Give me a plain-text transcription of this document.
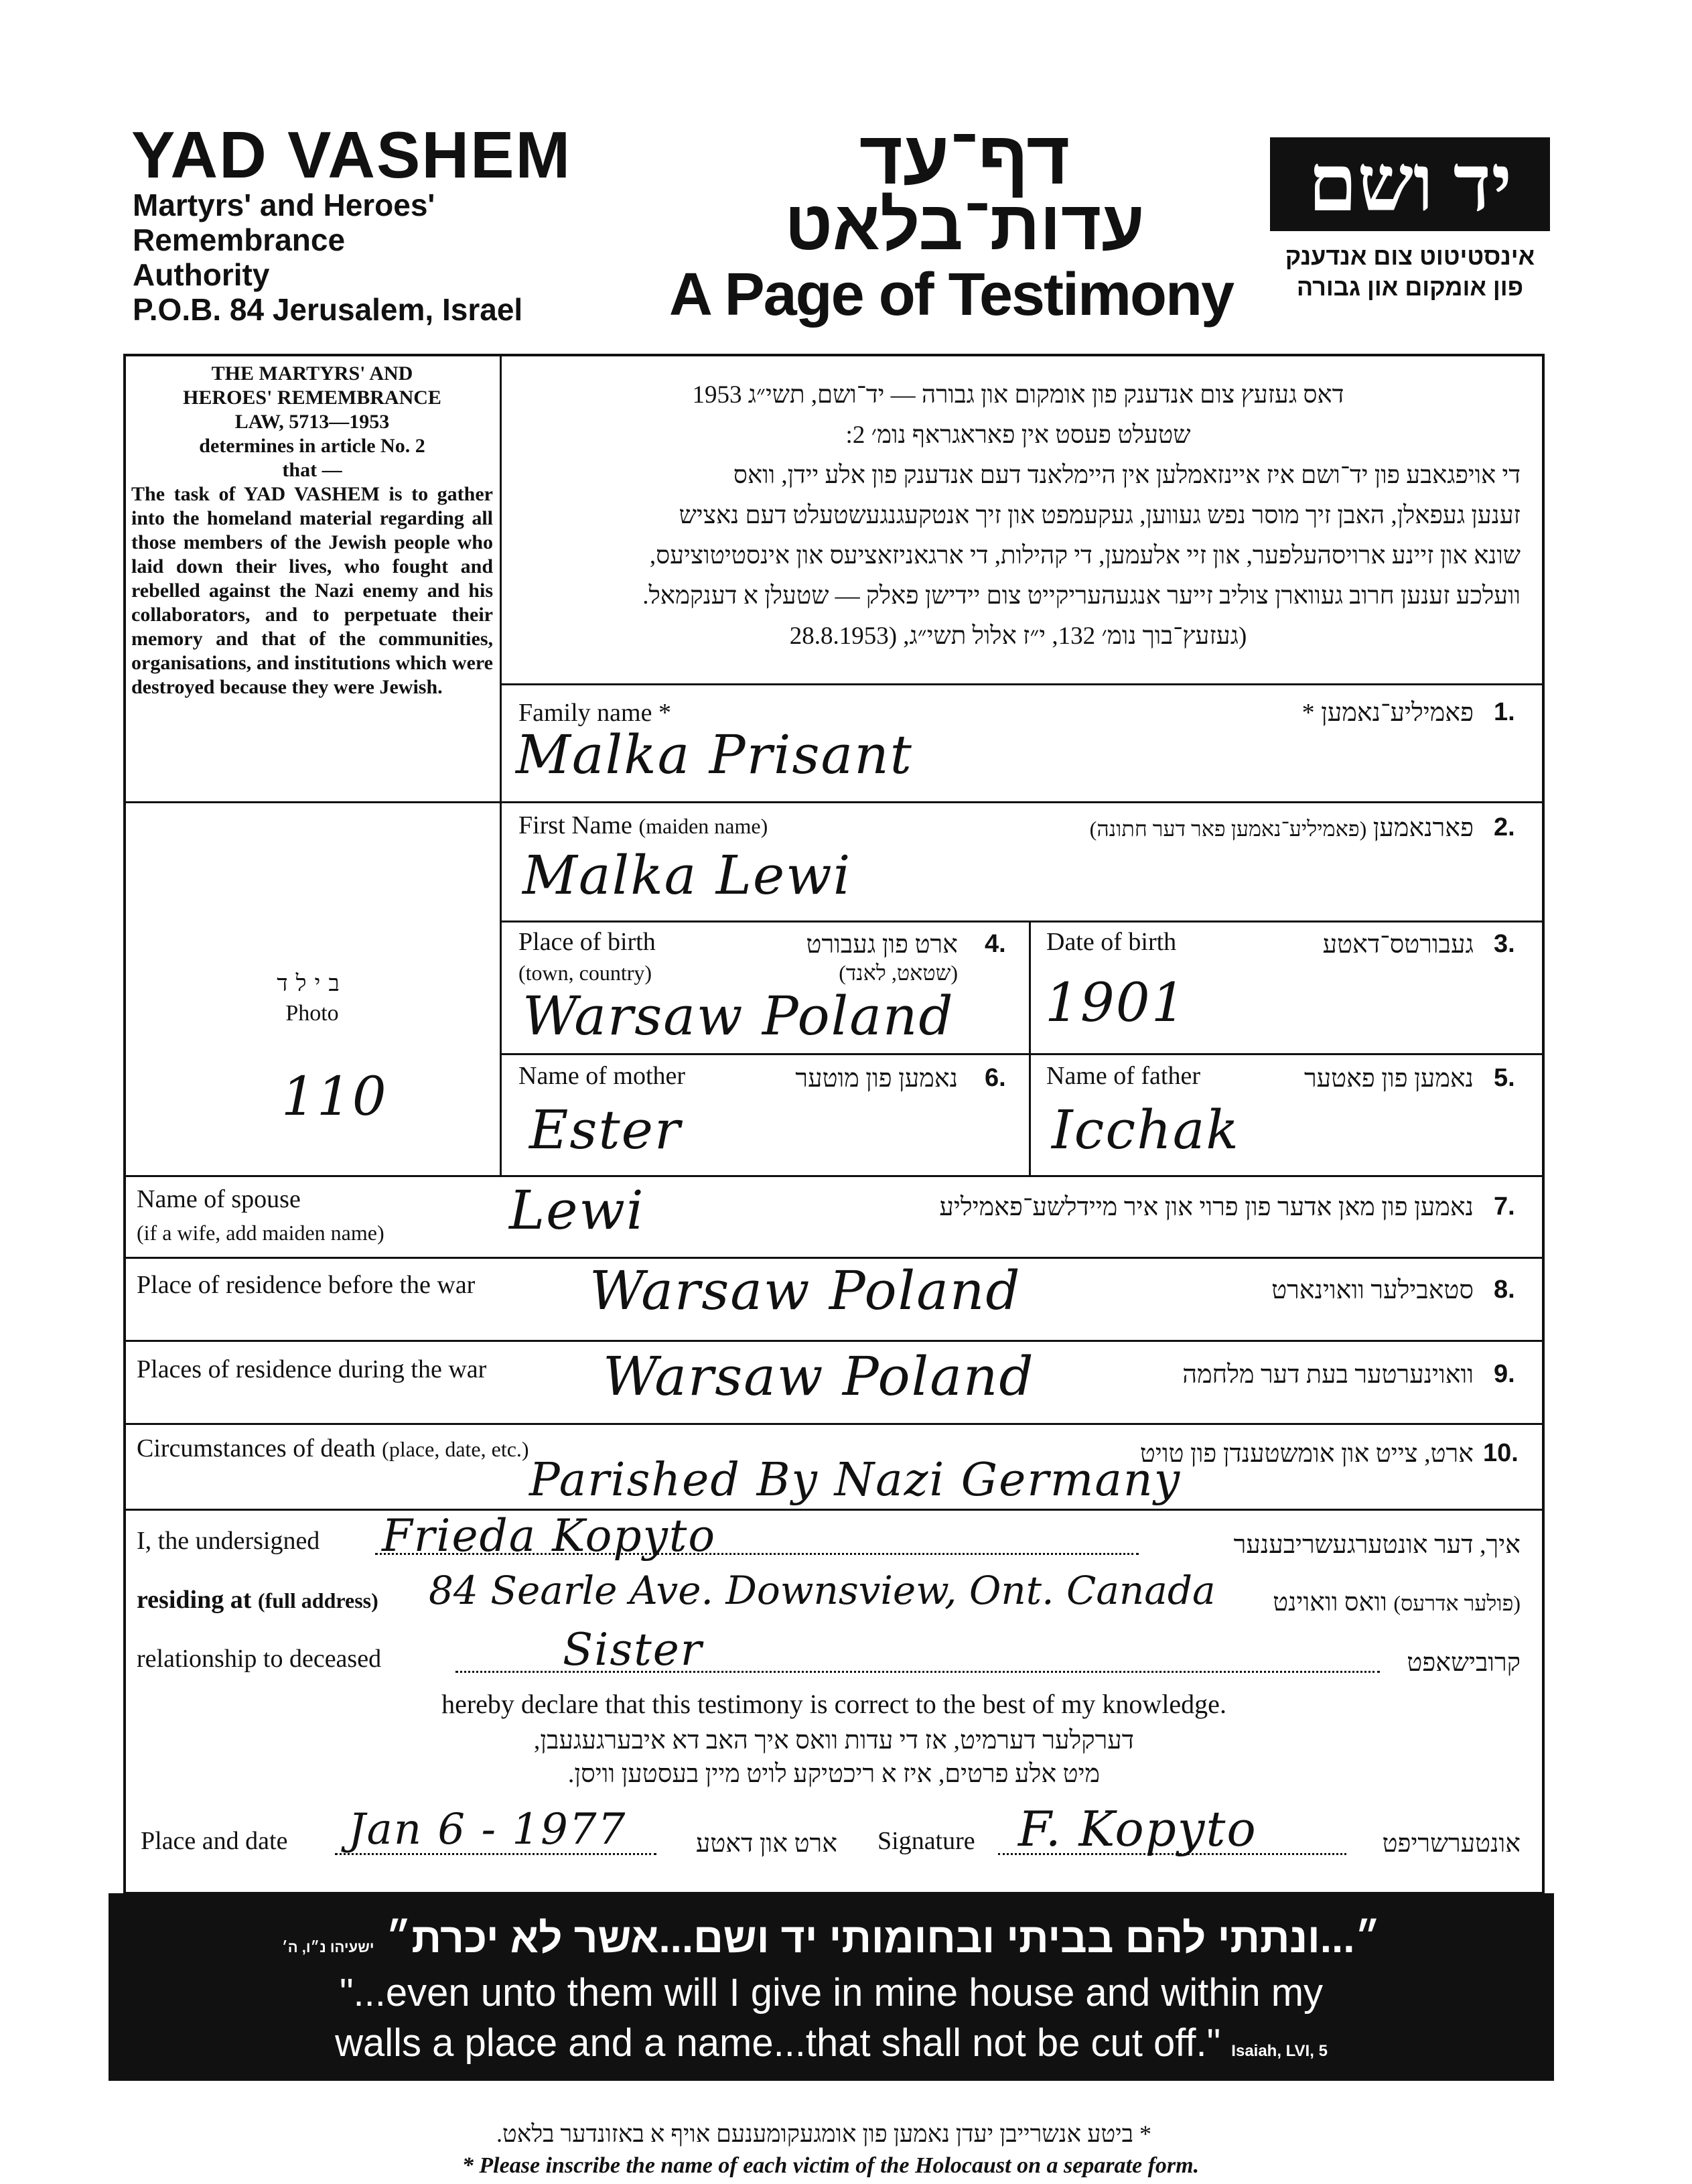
YAD VASHEM
Martyrs' and Heroes'
Remembrance
Authority
P.O.B. 84 Jerusalem, Israel
דף־עד
עדות־בלאט
A Page of Testimony
יד ושם
אינסטיטוט צום אנדענק
פון אומקום און גבורה
THE MARTYRS' AND
HEROES' REMEMBRANCE
LAW, 5713—1953
determines in article No. 2
that —
The task of YAD VASHEM is to gather into the homeland material regarding all those members of the Jewish people who laid down their lives, who fought and rebelled against the Nazi enemy and his collaborators, and to perpetuate their memory and that of the communities, organisations, and institutions which were destroyed because they were Jewish.
בילד
Photo
110

דאס געזעץ צום אנדענק פון אומקום און גבורה — יד־ושם, תשי״ג 1953

שטעלט פעסט אין פאראגראף נומ׳ 2:

די אויפגאבע פון יד־ושם איז איינזאמלען אין היימלאנד דעם אנדענק פון אלע יידן, וואס

זענען געפאלן, האבן זיך מוסר נפש געווען, געקעמפט און זיך אנטקעגנגעשטעלט דעם נאציש

שונא און זיינע ארויסהעלפער, און זיי אלעמען, די קהילות, די ארגאניזאציעס און אינסטיטוציעס,

וועלכע זענען חרוב געווארן צוליב זייער אנגעהעריקייט צום יידישן פאלק — שטעלן א דענקמאל.

(געזעץ־בוך נומ׳ 132, י״ז אלול תשי״ג, (28.8.1953

Family name *	פאמיליע־נאמען * 1.
Malka Prisant
First Name (maiden name)	פארנאמען (פאמיליע־נאמען פאר דער חתונה)	2.
Malka Lewi
Place of birth
(town, country)
ארט פון געבורט
(שטאט, לאנד)
4.
Warsaw Poland
Date of birth	געבורטס־דאטע 3.
1901
Name of mother	נאמען פון מוטער 6.
Ester
Name of father	נאמען פון פאטער 5.
Icchak
Name of spouse
(if a wife, add maiden name)
נאמען פון מאן אדער פון פרוי און איר מיידלשע־פאמיליע 7.
Lewi
Place of residence before the war	סטאבילער וואוינארט 8.
Warsaw Poland
Places of residence during the war	וואוינערטער בעת דער מלחמה 9.
Warsaw Poland
Circumstances of death (place, date, etc.)	ארט, צייט און אומשטענדן פון טויט 10.
Parished By Nazi Germany
I, the undersigned Frieda Kopyto	איך, דער אונטערגעשריבענער
residing at (full address) 84 Searle Ave. Downsview, Ont. Canada	(פולער אדרעס) וואס וואוינט
relationship to deceased	Sister	קרובישאפט
hereby declare that this testimony is correct to the best of my knowledge.
דערקלער דערמיט, אז די עדות וואס איך האב דא איבערגעגעבן,
מיט אלע פרטים, איז א ריכטיקע לויט מיין בעסטען וויסן.
Place and date Jan 6 - 1977	ארט און דאטע Signature F. Kopyto	אונטערשריפט
״...ונתתי להם בביתי ובחומותי יד ושם...אשר לא יכרת״ ישעיהו נ״ו, ה׳
"...even unto them will I give in mine house and within my
walls a place and a name...that shall not be cut off." Isaiah, LVI, 5
* ביטע אנשרייבן יעדן נאמען פון אומגעקומענעם אויף א באזונדער בלאט.
* Please inscribe the name of each victim of the Holocaust on a separate form.
